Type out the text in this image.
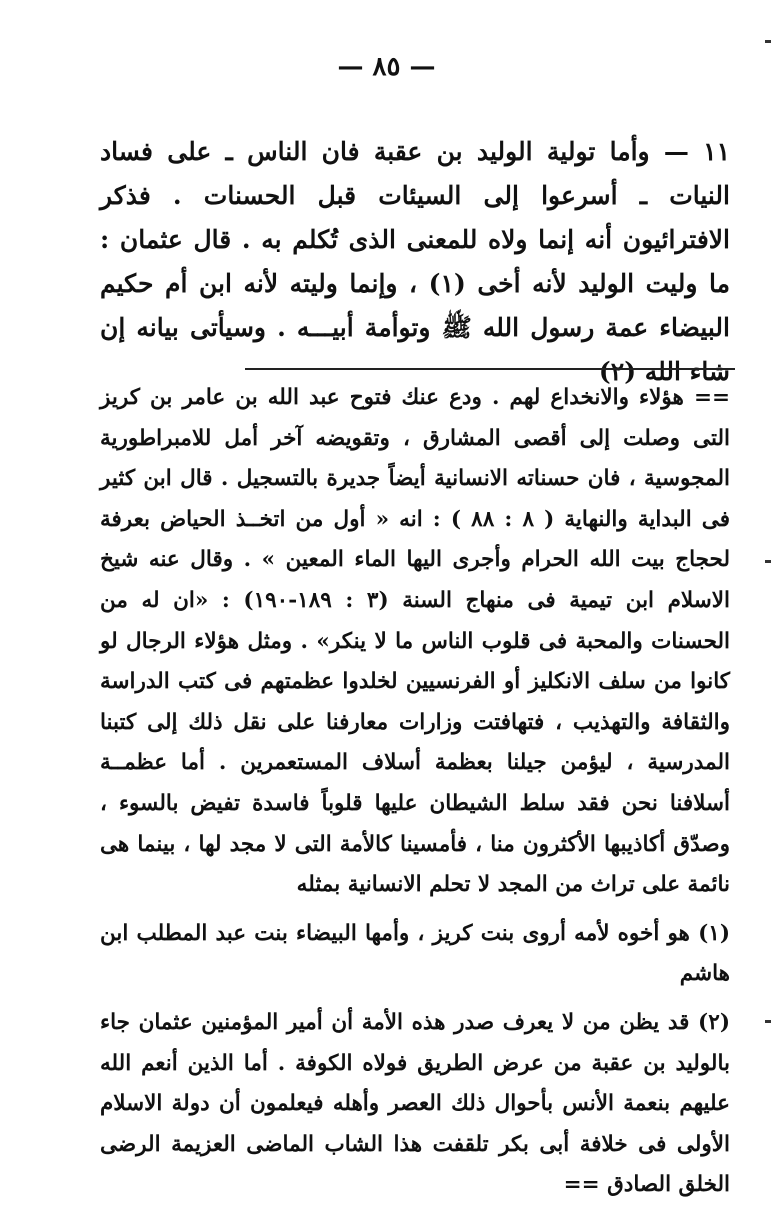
— ٨٥ —

١١ — وأما تولية الوليد بن عقبة فان الناس ـ على فساد النيات ـ أسرعوا إلى السيئات قبل الحسنات . فذكر الافترائيون أنه إنما ولاه للمعنى الذى تُكلم به . قال عثمان : ما وليت الوليد لأنه أخى (١) ، وإنما وليته لأنه ابن أم حكيم البيضاء عمة رسول الله ﷺ وتوأمة أبيـــه . وسيأتى بيانه إن شاء الله (٢)

== هؤلاء والانخداع لهم . ودع عنك فتوح عبد الله بن عامر بن كريز التى وصلت إلى أقصى المشارق ، وتقويضه آخر أمل للامبراطورية المجوسية ، فان حسناته الانسانية أيضاً جديرة بالتسجيل . قال ابن كثير فى البداية والنهاية ( ٨ : ٨٨ ) : انه « أول من اتخــذ الحياض بعرفة لحجاج بيت الله الحرام وأجرى اليها الماء المعين » . وقال عنه شيخ الاسلام ابن تيمية فى منهاج السنة (٣ : ١٨٩-١٩٠) : «ان له من الحسنات والمحبة فى قلوب الناس ما لا ينكر» . ومثل هؤلاء الرجال لو كانوا من سلف الانكليز أو الفرنسيين لخلدوا عظمتهم فى كتب الدراسة والثقافة والتهذيب ، فتهافتت وزارات معارفنا على نقل ذلك إلى كتبنا المدرسية ، ليؤمن جيلنا بعظمة أسلاف المستعمرين . أما عظمــة أسلافنا نحن فقد سلط الشيطان عليها قلوباً فاسدة تفيض بالسوء ، وصدّق أكاذيبها الأكثرون منا ، فأمسينا كالأمة التى لا مجد لها ، بينما هى نائمة على تراث من المجد لا تحلم الانسانية بمثله

(١) هو أخوه لأمه أروى بنت كريز ، وأمها البيضاء بنت عبد المطلب ابن هاشم

(٢) قد يظن من لا يعرف صدر هذه الأمة أن أمير المؤمنين عثمان جاء بالوليد بن عقبة من عرض الطريق فولاه الكوفة . أما الذين أنعم الله عليهم بنعمة الأنس بأحوال ذلك العصر وأهله فيعلمون أن دولة الاسلام الأولى فى خلافة أبى بكر تلقفت هذا الشاب الماضى العزيمة الرضى الخلق الصادق ==
